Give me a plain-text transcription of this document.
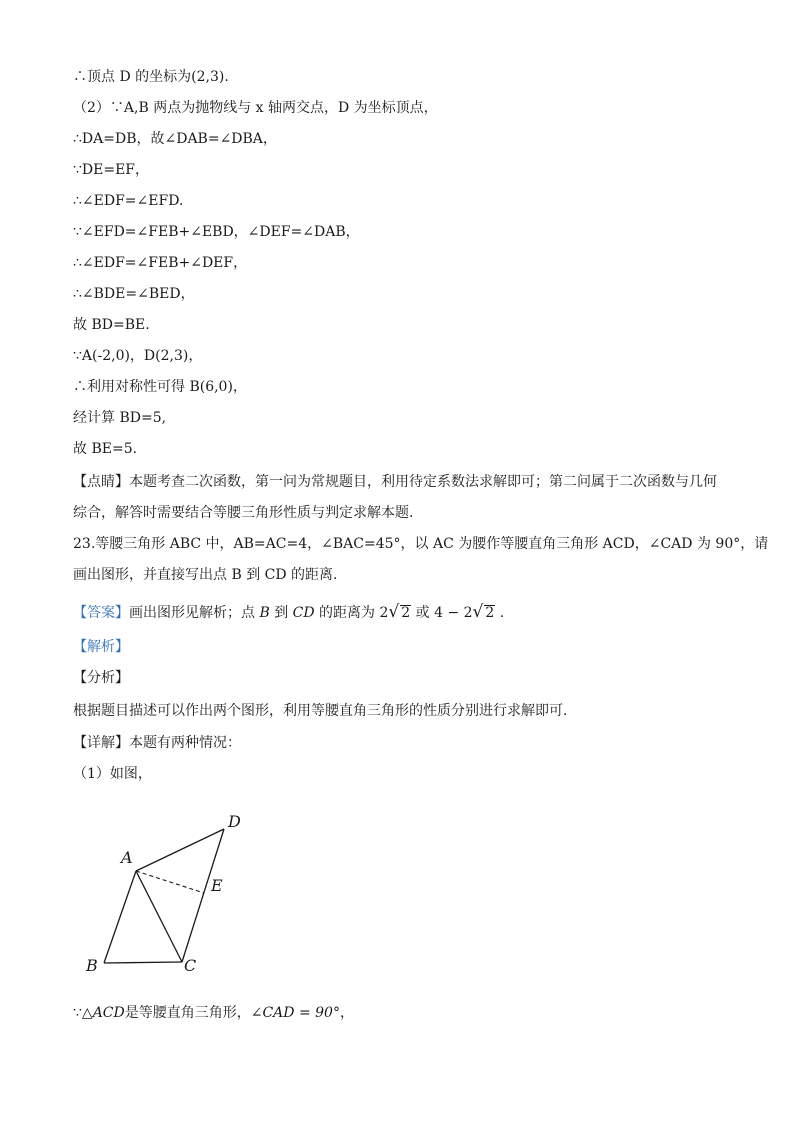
∴顶点 D 的坐标为(2,3).
（2）∵A,B 两点为抛物线与 x 轴两交点，D 为坐标顶点，
∴DA=DB，故∠DAB=∠DBA，
∵DE=EF，
∴∠EDF=∠EFD.
∵∠EFD=∠FEB+∠EBD，∠DEF=∠DAB，
∴∠EDF=∠FEB+∠DEF，
∴∠BDE=∠BED，
故 BD=BE.
∵A(-2,0)，D(2,3)，
∴利用对称性可得 B(6,0)，
经计算 BD=5,
故 BE=5.
【点睛】本题考查二次函数，第一问为常规题目，利用待定系数法求解即可；第二问属于二次函数与几何
综合，解答时需要结合等腰三角形性质与判定求解本题.
23.等腰三角形 ABC 中，AB=AC=4，∠BAC=45°，以 AC 为腰作等腰直角三角形 ACD，∠CAD 为 90°，请
画出图形，并直接写出点 B 到 CD 的距离.
【答案】画出图形见解析；点 B 到 CD 的距离为 2√ 2 或 4 − 2√ 2 .
【解析】
【分析】
根据题目描述可以作出两个图形，利用等腰直角三角形的性质分别进行求解即可.
【详解】本题有两种情况：
（1）如图，
D
A
E
B	C
∵△ACD是等腰直角三角形，∠CAD = 90°，
